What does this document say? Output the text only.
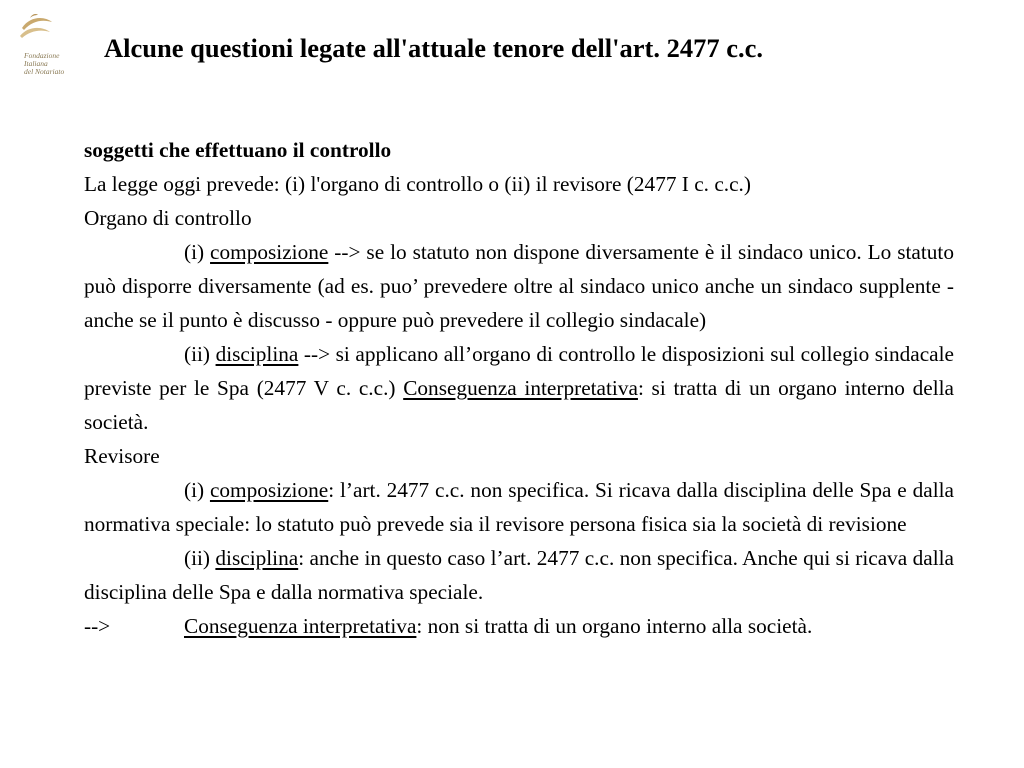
Fondazione
Italiana
del Notariato
Alcune questioni legate all'attuale tenore dell'art. 2477 c.c.

soggetti che effettuano il controllo

La legge oggi prevede: (i) l'organo di controllo o (ii) il revisore (2477 I c. c.c.)

Organo di controllo

(i) composizione --> se lo statuto non dispone diversamente è il sindaco unico. Lo statuto può disporre diversamente (ad es. puo’ prevedere oltre al sindaco unico anche un sindaco supplente - anche se il punto è discusso - oppure può prevedere il collegio sindacale)

(ii) disciplina --> si applicano all’organo di controllo le disposizioni sul collegio sindacale previste per le Spa (2477 V c. c.c.) Conseguenza interpretativa: si tratta di un organo interno della società.

Revisore

(i) composizione: l’art. 2477 c.c. non specifica. Si ricava dalla disciplina delle Spa e dalla normativa speciale: lo statuto può prevede sia il revisore persona fisica sia la società di revisione

(ii) disciplina: anche in questo caso l’art. 2477 c.c. non specifica. Anche qui si ricava dalla disciplina delle Spa e dalla normativa speciale.

-->	Conseguenza interpretativa: non si tratta di un organo interno alla società.
